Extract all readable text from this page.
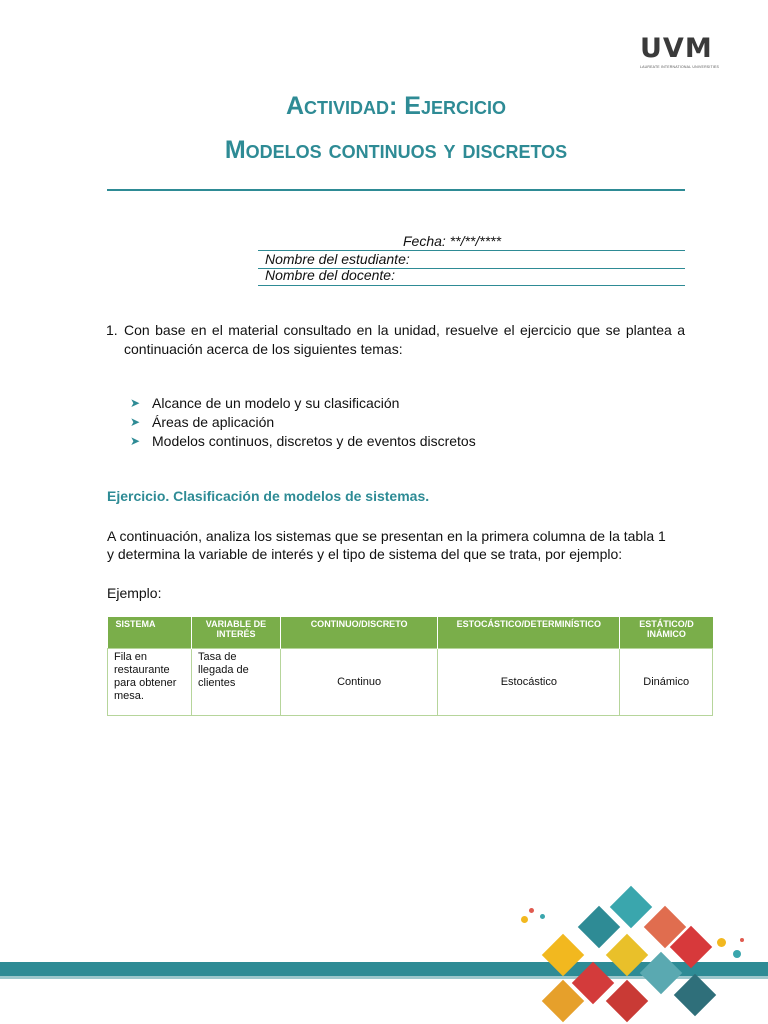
UVM
LAUREATE INTERNATIONAL UNIVERSITIES
Actividad: Ejercicio
Modelos continuos y discretos
Fecha: **/**/****
Nombre del estudiante:
Nombre del docente:
1. Con base en el material consultado en la unidad, resuelve el ejercicio que se plantea a continuación acerca de los siguientes temas:
➤ Alcance de un modelo y su clasificación
➤ Áreas de aplicación
➤ Modelos continuos, discretos y de eventos discretos
Ejercicio. Clasificación de modelos de sistemas.
A continuación, analiza los sistemas que se presentan en la primera columna de la tabla 1
y determina la variable de interés y el tipo de sistema del que se trata, por ejemplo:
Ejemplo:
SISTEMA	VARIABLE DE INTERÉS	CONTINUO/DISCRETO	ESTOCÁSTICO/DETERMINÍSTICO	ESTÁTICO/D INÁMICO
Fila en restaurante para obtener mesa.	Tasa de llegada de clientes	Continuo	Estocástico	Dinámico
